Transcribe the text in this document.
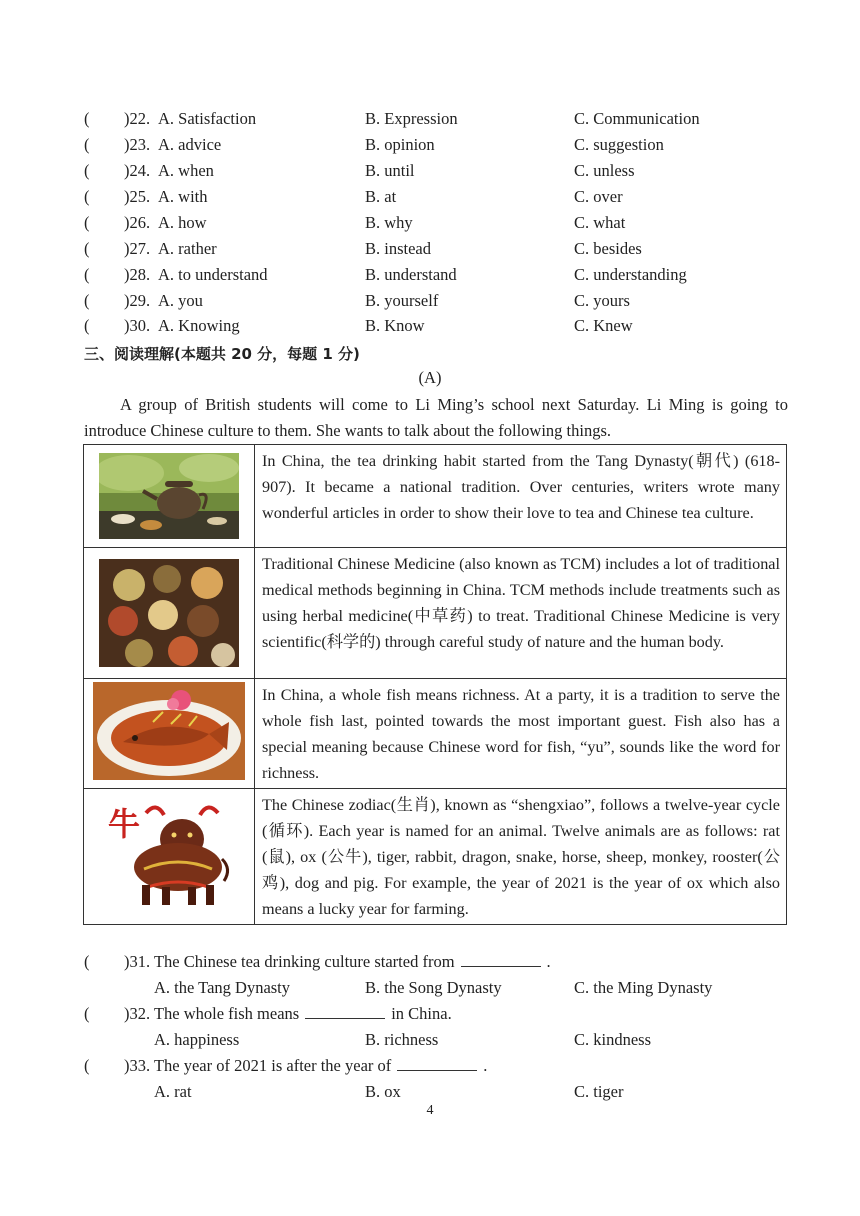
( )22. A. Satisfaction	B. Expression	C. Communication
( )23. A. advice	B. opinion	C. suggestion
( )24. A. when	B. until	C. unless
( )25. A. with	B. at	C. over
( )26. A. how	B. why	C. what
( )27. A. rather	B. instead	C. besides
( )28. A. to understand	B. understand	C. understanding
( )29. A. you	B. yourself	C. yours
( )30. A. Knowing	B. Know	C. Knew
三、阅读理解(本题共 20 分，每题 1 分)
(A)
A group of British students will come to Li Ming’s school next Saturday. Li Ming is going to introduce Chinese culture to them. She wants to talk about the following things.
	In China, the tea drinking habit started from the Tang Dynasty(朝代) (618-907). It became a national tradition. Over centuries, writers wrote many wonderful articles in order to show their love to tea and Chinese tea culture.

	Traditional Chinese Medicine (also known as TCM) includes a lot of traditional medical methods beginning in China. TCM methods include treatments such as using herbal medicine(中草药) to treat. Traditional Chinese Medicine is very scientific(科学的) through careful study of nature and the human body.

	In China, a whole fish means richness. At a party, it is a tradition to serve the whole fish last, pointed towards the most important guest. Fish also has a special meaning because Chinese word for fish, “yu”, sounds like the word for richness.

牛	The Chinese zodiac(生肖), known as “shengxiao”, follows a twelve-year cycle (循环). Each year is named for an animal. Twelve animals are as follows: rat (鼠), ox (公牛), tiger, rabbit, dragon, snake, horse, sheep, monkey, rooster(公鸡), dog and pig. For example, the year of 2021 is the year of ox which also means a lucky year for farming.
( )31. The Chinese tea drinking culture started from	.
A. the Tang Dynasty	B. the Song Dynasty	C. the Ming Dynasty
( )32. The whole fish means	in China.
A. happiness	B. richness	C. kindness
( )33. The year of 2021 is after the year of	.
A. rat	B. ox	C. tiger
4
